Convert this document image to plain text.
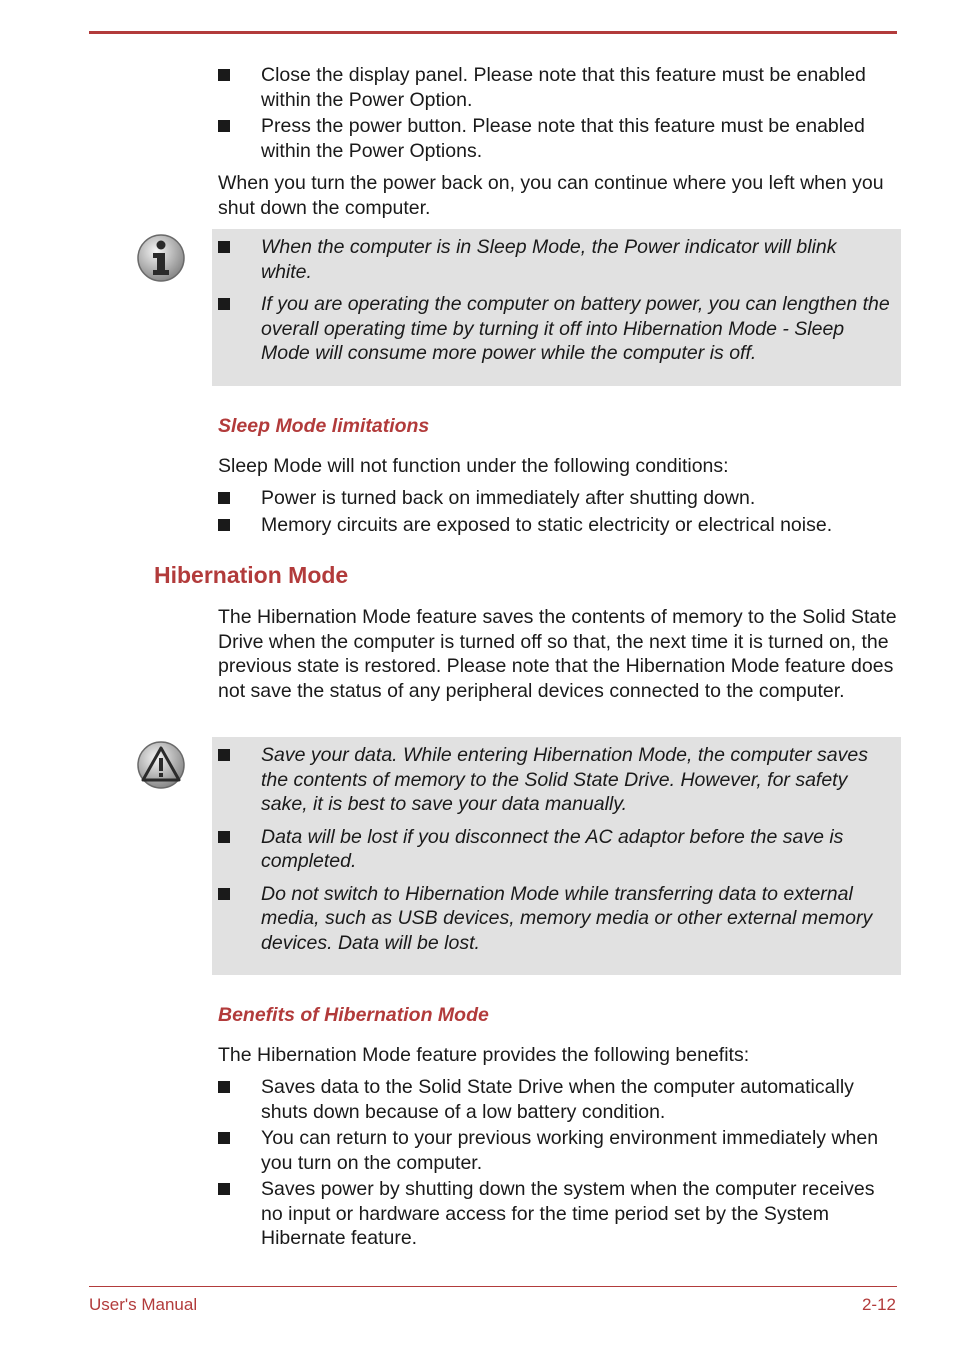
Close the display panel. Please note that this feature must be enabled within the Power Option.
Press the power button. Please note that this feature must be enabled within the Power Options.

When you turn the power back on, you can continue where you left when you shut down the computer.

When the computer is in Sleep Mode, the Power indicator will blink white.
If you are operating the computer on battery power, you can lengthen the overall operating time by turning it off into Hibernation Mode - Sleep Mode will consume more power while the computer is off.
Sleep Mode limitations

Sleep Mode will not function under the following conditions:

Power is turned back on immediately after shutting down.
Memory circuits are exposed to static electricity or electrical noise.
Hibernation Mode

The Hibernation Mode feature saves the contents of memory to the Solid State Drive when the computer is turned off so that, the next time it is turned on, the previous state is restored. Please note that the Hibernation Mode feature does not save the status of any peripheral devices connected to the computer.

Save your data. While entering Hibernation Mode, the computer saves the contents of memory to the Solid State Drive. However, for safety sake, it is best to save your data manually.
Data will be lost if you disconnect the AC adaptor before the save is completed.
Do not switch to Hibernation Mode while transferring data to external media, such as USB devices, memory media or other external memory devices. Data will be lost.
Benefits of Hibernation Mode

The Hibernation Mode feature provides the following benefits:

Saves data to the Solid State Drive when the computer automatically shuts down because of a low battery condition.
You can return to your previous working environment immediately when you turn on the computer.
Saves power by shutting down the system when the computer receives no input or hardware access for the time period set by the System Hibernate feature.
User's Manual	2-12
